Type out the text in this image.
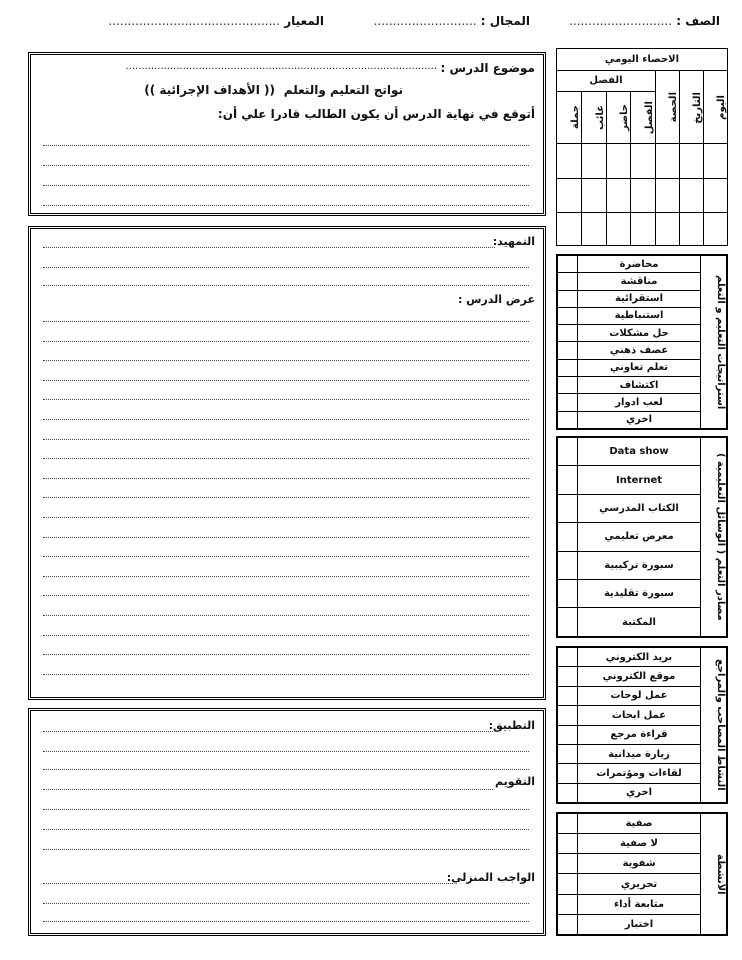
الصف : ...........................
المجال : ...........................
المعيار .............................................
موضوع الدرس :
..................................................................................................
نواتج التعليم والتعلم
(( الأهداف الإجرائية ))
أتوقع في نهاية الدرس أن يكون الطالب قادرا علي أن:
التمهيد:
عرض الدرس :
التطبيق:
التقويم
الواجب المنزلي:
الاحصاء اليومي						

اليوم	التاريخ	الحصة	الفصل			

			الفصل	حاضر	غائب	جملة

استراتيجات التعليم و التعلم	محاضرة	
	مناقشة	
	استقرائية	
	استنباطية	
	حل مشكلات	
	عصف ذهني	
	تعلم تعاوني	
	اكتشاف	
	لعب ادوار	
	اخري	
مصادر التعلم ( الوسائل التعليمية )	Data show	
	Internet	
	الكتاب المدرسي	
	معرض تعليمي	
	سبورة تركيبية	
	سبورة تقليدية	
	المكتبة	
النشاط المصاحب والمراجع	بريد الكتروني	
	موقع الكتروني	
	عمل لوحات	
	عمل ابحاث	
	قراءة مرجع	
	زيارة ميدانية	
	لقاءات ومؤتمرات	
	اخري	
الأنشطة	صفية	
	لا صفية	
	شفوية	
	تحريري	
	متابعة أداء	
	اختبار	
